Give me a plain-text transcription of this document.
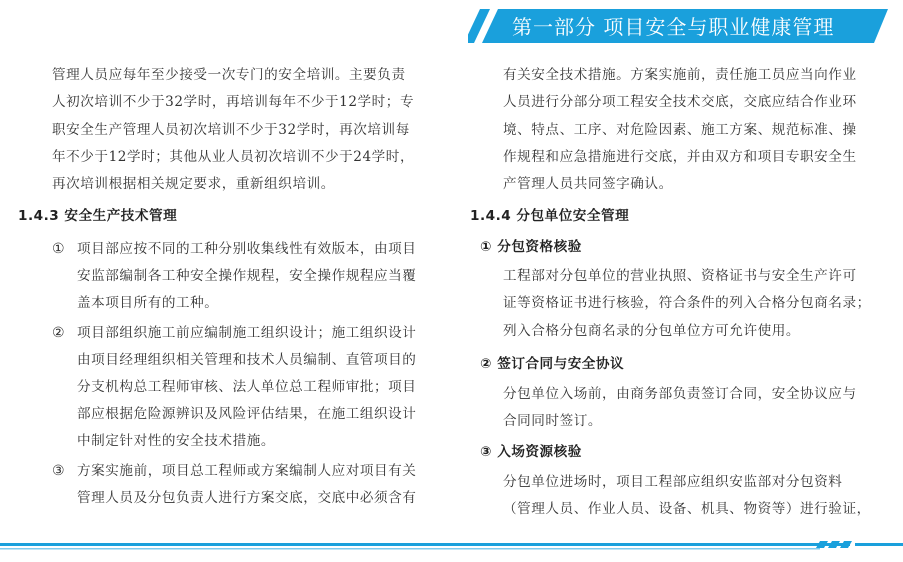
第一部分 项目安全与职业健康管理
管理人员应每年至少接受一次专门的安全培训。主要负责
人初次培训不少于32学时，再培训每年不少于12学时；专
职安全生产管理人员初次培训不少于32学时，再次培训每
年不少于12学时；其他从业人员初次培训不少于24学时，
再次培训根据相关规定要求，重新组织培训。
1.4.3 安全生产技术管理
① 项目部应按不同的工种分别收集线性有效版本，由项目
安监部编制各工种安全操作规程，安全操作规程应当覆
盖本项目所有的工种。
② 项目部组织施工前应编制施工组织设计；施工组织设计
由项目经理组织相关管理和技术人员编制、直管项目的
分支机构总工程师审核、法人单位总工程师审批；项目
部应根据危险源辨识及风险评估结果，在施工组织设计
中制定针对性的安全技术措施。
③ 方案实施前，项目总工程师或方案编制人应对项目有关
管理人员及分包负责人进行方案交底，交底中必须含有
有关安全技术措施。方案实施前，责任施工员应当向作业
人员进行分部分项工程安全技术交底，交底应结合作业环
境、特点、工序、对危险因素、施工方案、规范标准、操
作规程和应急措施进行交底，并由双方和项目专职安全生
产管理人员共同签字确认。
1.4.4 分包单位安全管理
① 分包资格核验
工程部对分包单位的营业执照、资格证书与安全生产许可
证等资格证书进行核验，符合条件的列入合格分包商名录；
列入合格分包商名录的分包单位方可允许使用。
② 签订合同与安全协议
分包单位入场前，由商务部负责签订合同，安全协议应与
合同同时签订。
③ 入场资源核验
分包单位进场时，项目工程部应组织安监部对分包资料
（管理人员、作业人员、设备、机具、物资等）进行验证，
